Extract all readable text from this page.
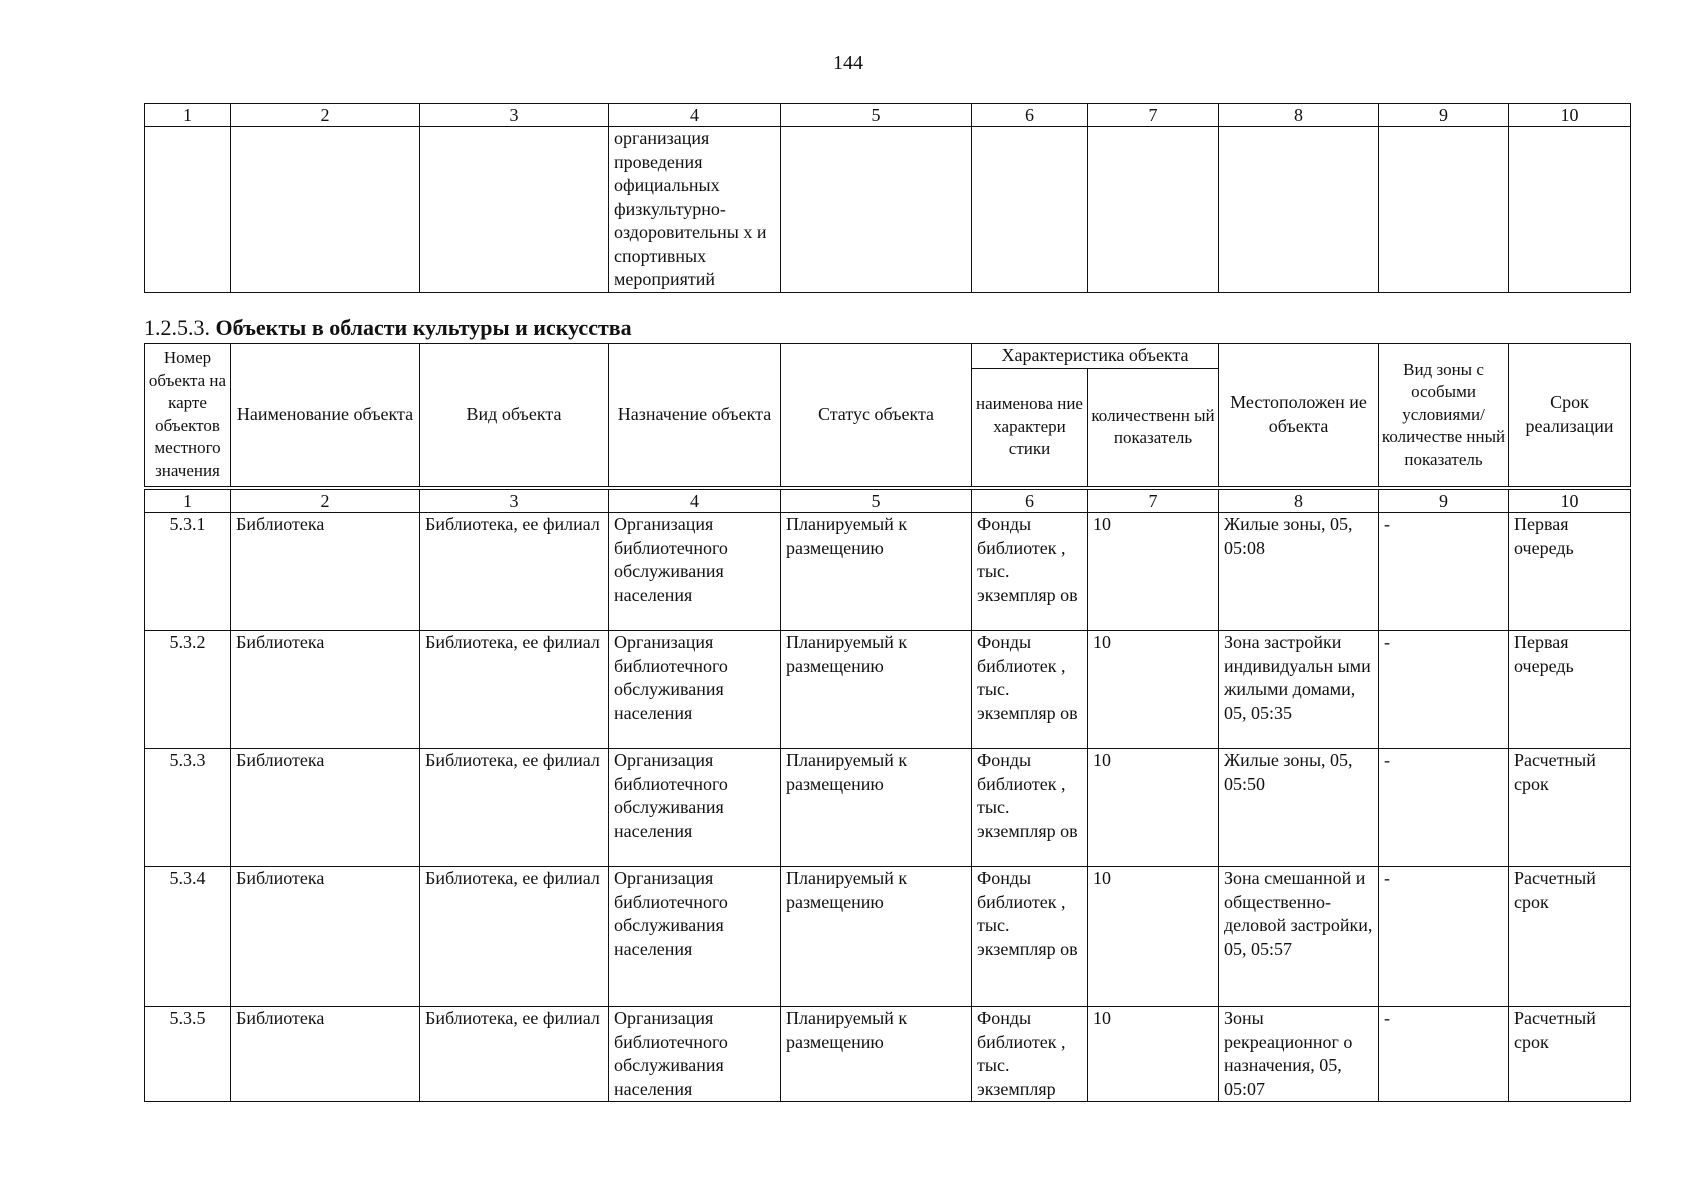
144
1	2	3	4	5	6	7	8	9	10
			организация проведения официальных физкультурно-оздоровительны х и спортивных мероприятий						
1.2.5.3. Объекты в области культуры и искусства
Номер объекта на карте объектов местного значения	Наименование объекта	Вид объекта	Назначение объекта	Статус объекта	Характеристика объекта		Местоположен ие объекта	Вид зоны с особыми условиями/ количестве нный показатель	Срок реализации
					наименова ние характери стики	количественн ый показатель			
1	2	3	4	5	6	7	8	9	10
5.3.1	Библиотека	Библиотека, ее филиал	Организация библиотечного обслуживания населения	Планируемый к размещению	Фонды библиотек , тыс. экземпляр ов	10	Жилые зоны, 05, 05:08	-	Первая очередь
5.3.2	Библиотека	Библиотека, ее филиал	Организация библиотечного обслуживания населения	Планируемый к размещению	Фонды библиотек , тыс. экземпляр ов	10	Зона застройки индивидуальн ыми жилыми домами, 05, 05:35	-	Первая очередь
5.3.3	Библиотека	Библиотека, ее филиал	Организация библиотечного обслуживания населения	Планируемый к размещению	Фонды библиотек , тыс. экземпляр ов	10	Жилые зоны, 05, 05:50	-	Расчетный срок
5.3.4	Библиотека	Библиотека, ее филиал	Организация библиотечного обслуживания населения	Планируемый к размещению	Фонды библиотек , тыс. экземпляр ов	10	Зона смешанной и общественно-деловой застройки, 05, 05:57	-	Расчетный срок
5.3.5	Библиотека	Библиотека, ее филиал	Организация библиотечного обслуживания населения	Планируемый к размещению	Фонды библиотек , тыс. экземпляр	10	Зоны рекреационног о назначения, 05, 05:07	-	Расчетный срок
